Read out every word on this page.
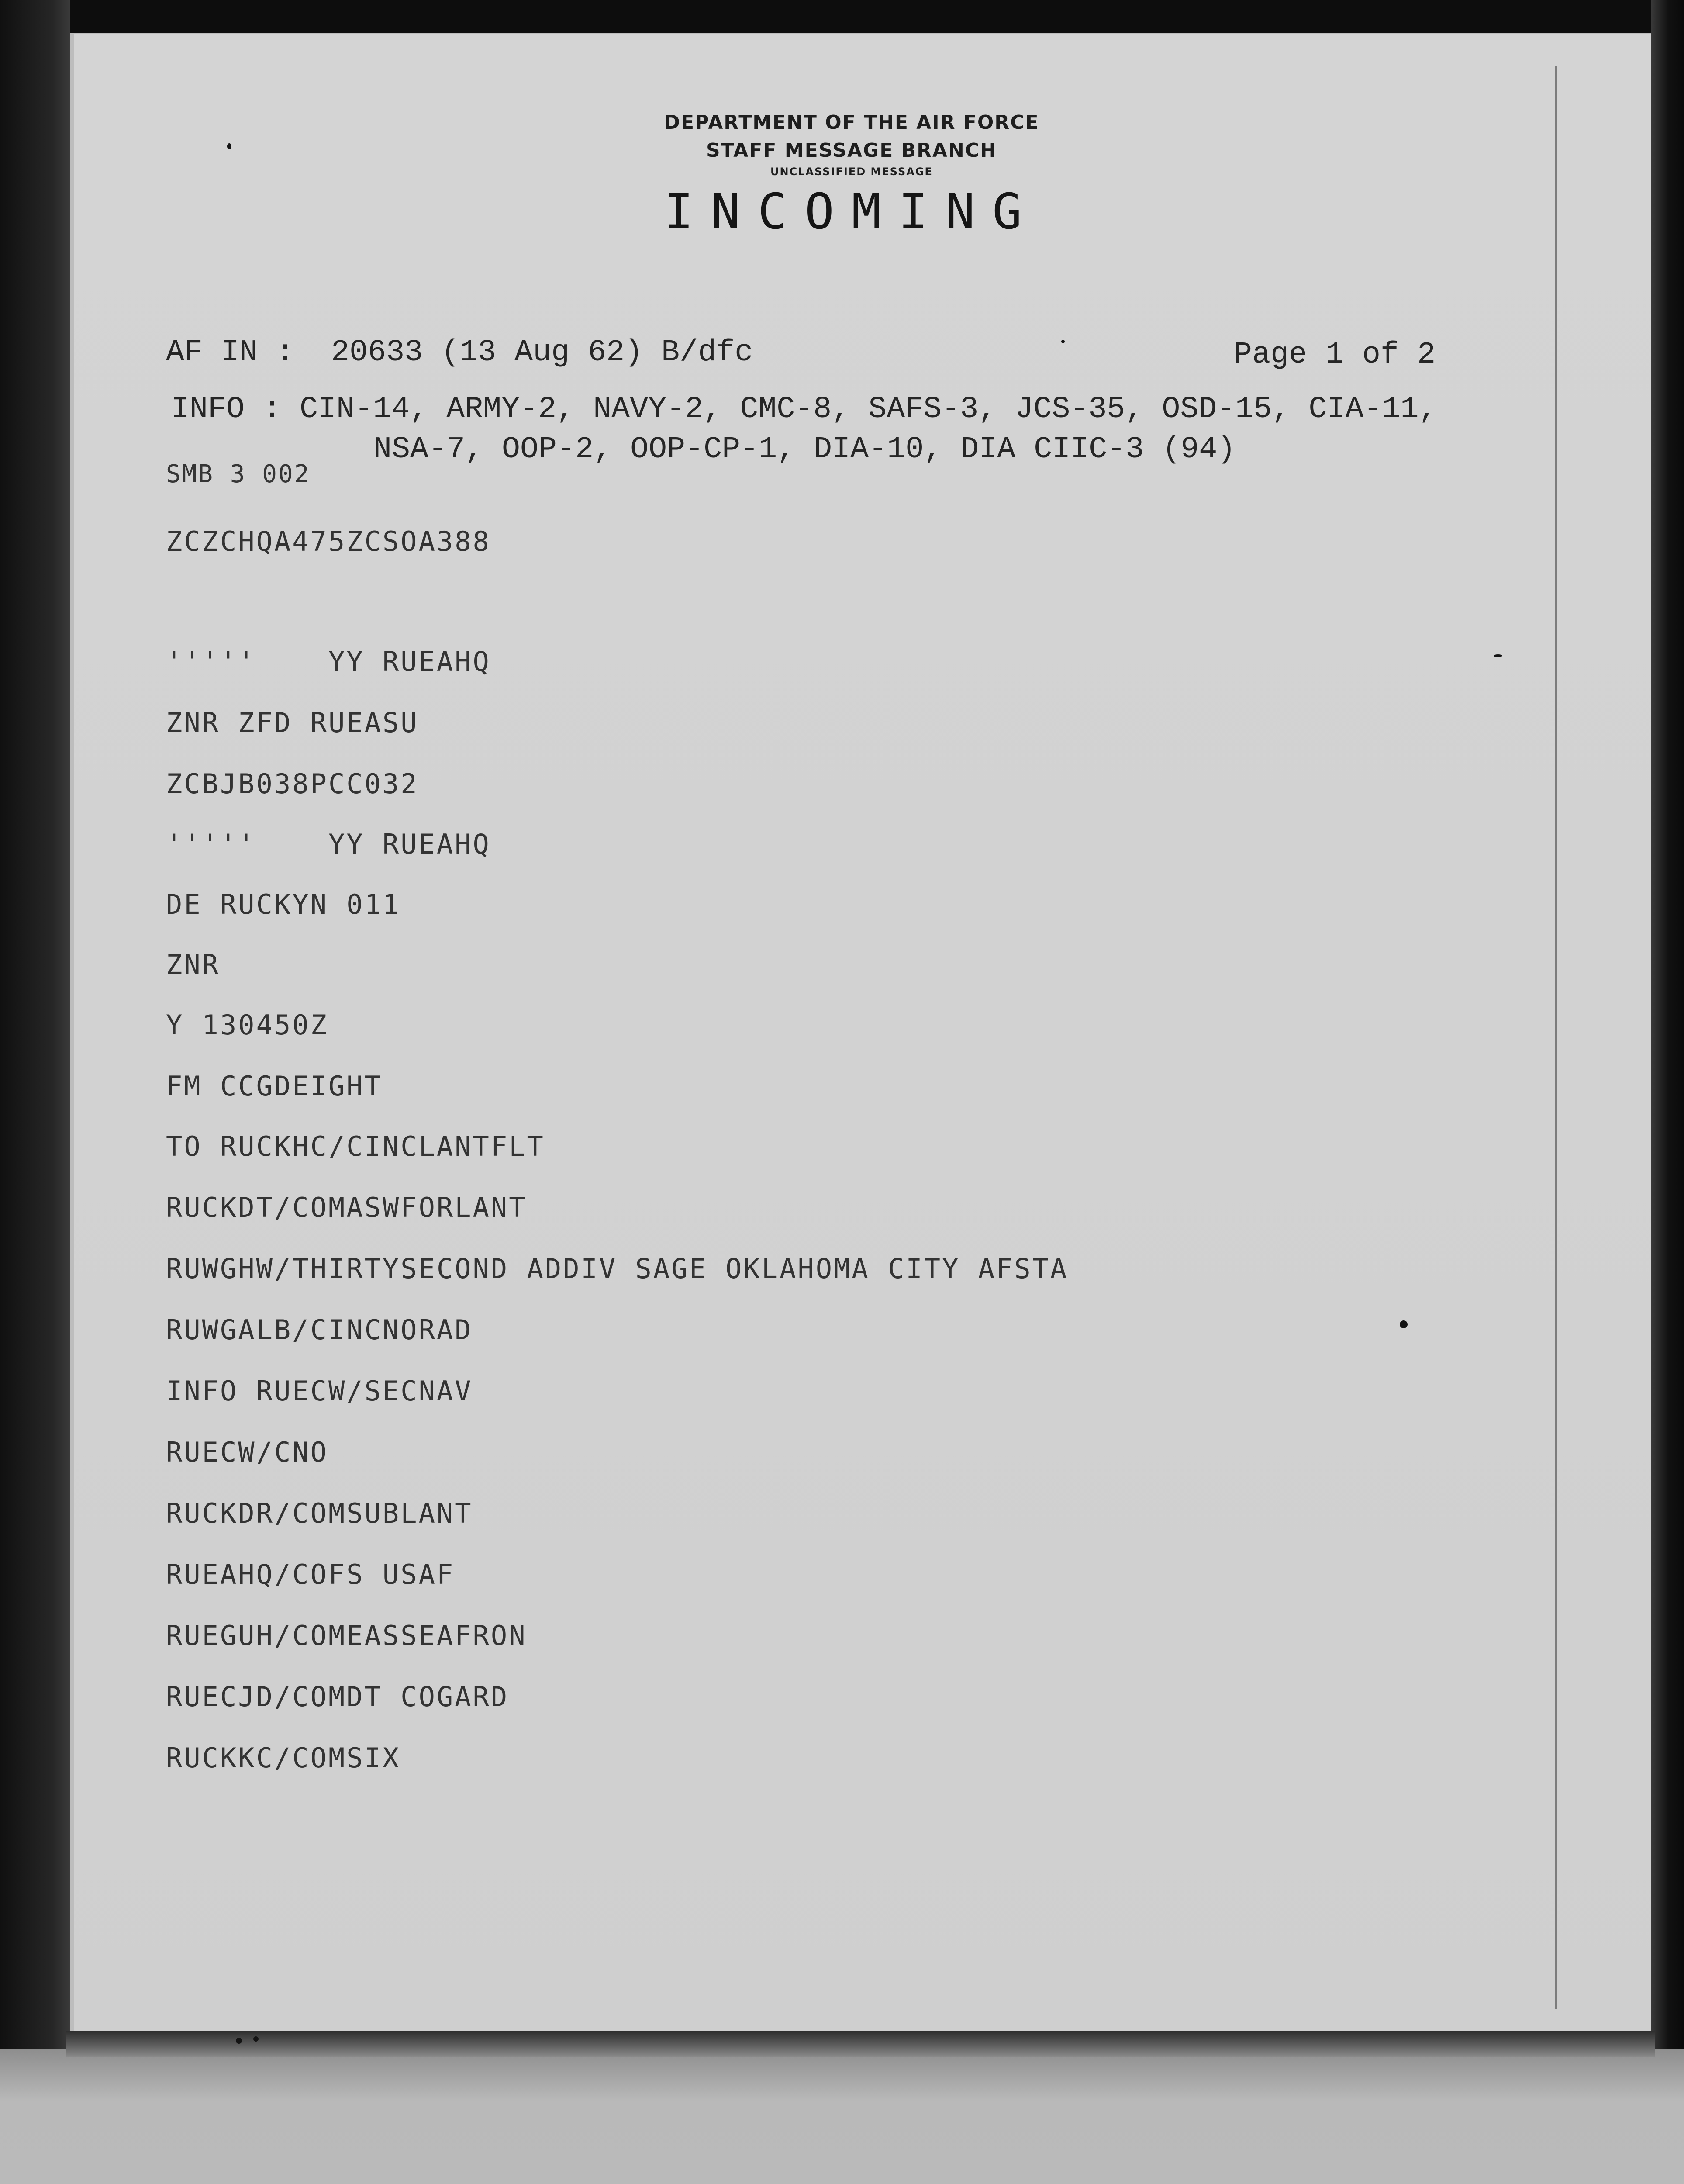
DEPARTMENT OF THE AIR FORCE
STAFF MESSAGE BRANCH
UNCLASSIFIED MESSAGE
INCOMING
AF IN :  20633 (13 Aug 62) B/dfc	Page 1 of 2
INFO : CIN-14, ARMY-2, NAVY-2, CMC-8, SAFS-3, JCS-35, OSD-15, CIA-11,
NSA-7, OOP-2, OOP-CP-1, DIA-10, DIA CIIC-3 (94)
SMB 3 002
ZCZCHQA475ZCSOA388
'''''    YY RUEAHQ
ZNR ZFD RUEASU
ZCBJB038PCC032
'''''    YY RUEAHQ
DE RUCKYN 011
ZNR
Y 130450Z
FM CCGDEIGHT
TO RUCKHC/CINCLANTFLT
RUCKDT/COMASWFORLANT
RUWGHW/THIRTYSECOND ADDIV SAGE OKLAHOMA CITY AFSTA
RUWGALB/CINCNORAD
INFO RUECW/SECNAV
RUECW/CNO
RUCKDR/COMSUBLANT
RUEAHQ/COFS USAF
RUEGUH/COMEASSEAFRON
RUECJD/COMDT COGARD
RUCKKC/COMSIX
